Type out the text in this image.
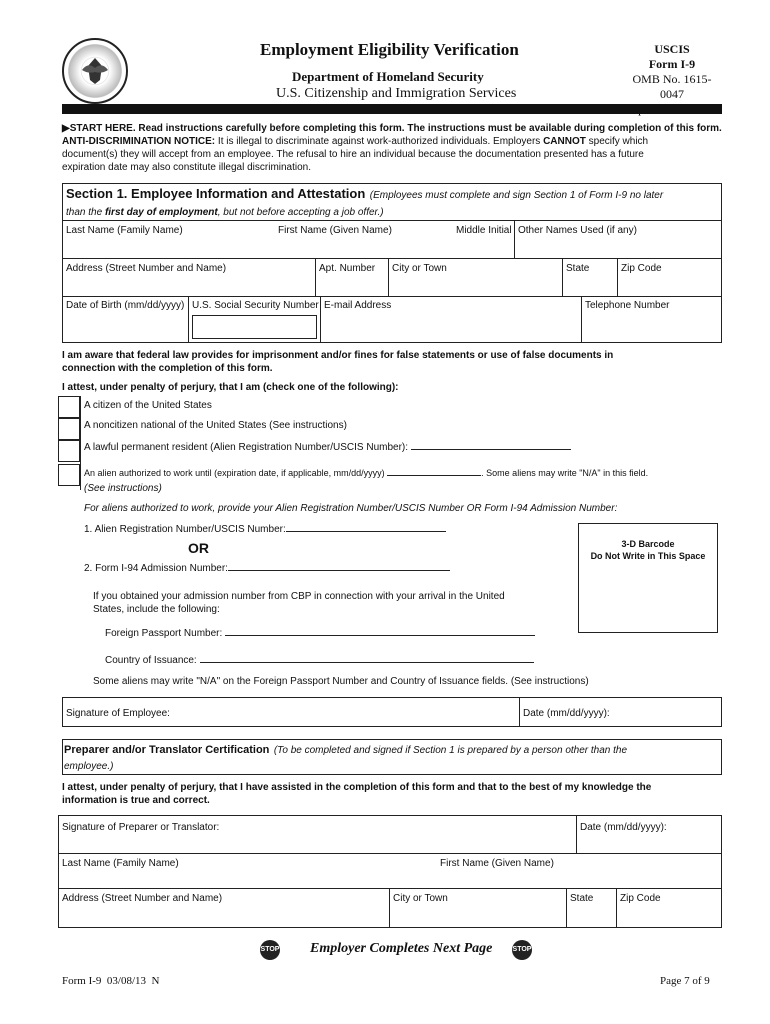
Employment Eligibility Verification
Department of Homeland Security
U.S. Citizenship and Immigration Services
USCIS
Form I-9
OMB No. 1615-0047
▶START HERE. Read instructions carefully before completing this form. The instructions must be available during completion of this form.
ANTI-DISCRIMINATION NOTICE: It is illegal to discriminate against work-authorized individuals. Employers CANNOT specify which
document(s) they will accept from an employee. The refusal to hire an individual because the documentation presented has a future
expiration date may also constitute illegal discrimination.
Section 1. Employee Information and Attestation (Employees must complete and sign Section 1 of Form I-9 no later
than the first day of employment, but not before accepting a job offer.)
Last Name (Family Name)	First Name (Given Name)	Middle Initial Other Names Used (if any)
Address (Street Number and Name)	Apt. Number City or Town	State	Zip Code
Date of Birth (mm/dd/yyyy) U.S. Social Security Number E-mail Address	Telephone Number
I am aware that federal law provides for imprisonment and/or fines for false statements or use of false documents in
connection with the completion of this form.
I attest, under penalty of perjury, that I am (check one of the following):
A citizen of the United States
A noncitizen national of the United States (See instructions)
A lawful permanent resident (Alien Registration Number/USCIS Number):
An alien authorized to work until (expiration date, if applicable, mm/dd/yyyy)	. Some aliens may write "N/A" in this field.
(See instructions)
For aliens authorized to work, provide your Alien Registration Number/USCIS Number OR Form I-94 Admission Number:
1. Alien Registration Number/USCIS Number:
OR
2. Form I-94 Admission Number:
3-D Barcode
Do Not Write in This Space
If you obtained your admission number from CBP in connection with your arrival in the United
States, include the following:
Foreign Passport Number:
Country of Issuance:
Some aliens may write "N/A" on the Foreign Passport Number and Country of Issuance fields. (See instructions)
Signature of Employee:	Date (mm/dd/yyyy):
Preparer and/or Translator Certification (To be completed and signed if Section 1 is prepared by a person other than the
employee.)
I attest, under penalty of perjury, that I have assisted in the completion of this form and that to the best of my knowledge the
information is true and correct.
Signature of Preparer or Translator:	Date (mm/dd/yyyy):
Last Name (Family Name)	First Name (Given Name)
Address (Street Number and Name)	City or Town	State	Zip Code
STOP Employer Completes Next Page	STOP
Form I-9  03/08/13  N	Page 7 of 9
